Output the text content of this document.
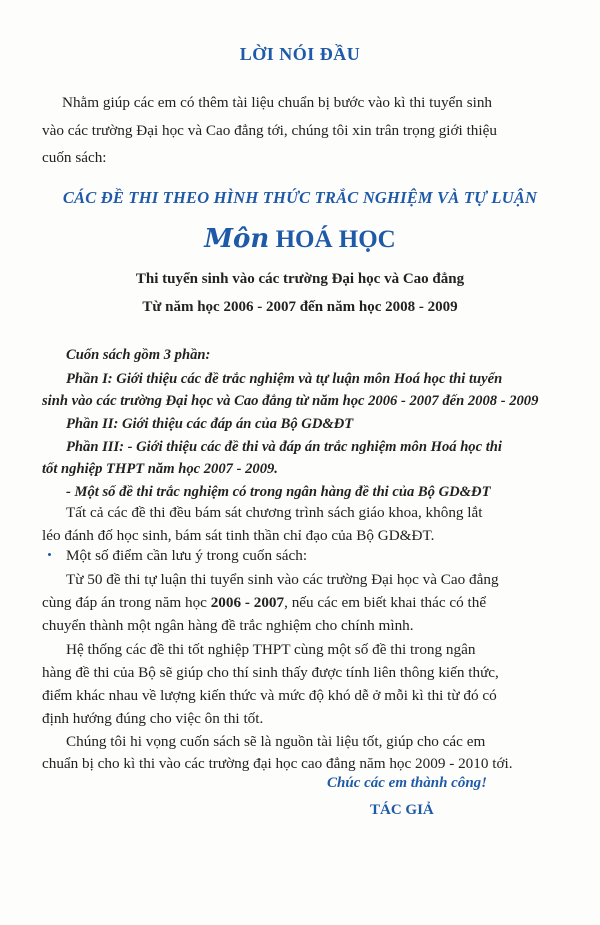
LỜI NÓI ĐẦU
Nhằm giúp các em có thêm tài liệu chuẩn bị bước vào kì thi tuyển sinh
vào các trường Đại học và Cao đẳng tới, chúng tôi xin trân trọng giới thiệu
cuốn sách:
CÁC ĐỀ THI THEO HÌNH THỨC TRẮC NGHIỆM VÀ TỰ LUẬN
Môn HOÁ HỌC
Thi tuyển sinh vào các trường Đại học và Cao đẳng
Từ năm học 2006 - 2007 đến năm học 2008 - 2009
Cuốn sách gồm 3 phần:
Phần I: Giới thiệu các đề trắc nghiệm và tự luận môn Hoá học thi tuyển
sinh vào các trường Đại học và Cao đẳng từ năm học 2006 - 2007 đến 2008 - 2009
Phần II: Giới thiệu các đáp án của Bộ GD&ĐT
Phần III: - Giới thiệu các đề thi và đáp án trắc nghiệm môn Hoá học thi
tốt nghiệp THPT năm học 2007 - 2009.
- Một số đề thi trắc nghiệm có trong ngân hàng đề thi của Bộ GD&ĐT
Tất cả các đề thi đều bám sát chương trình sách giáo khoa, không lắt
léo đánh đố học sinh, bám sát tinh thần chỉ đạo của Bộ GD&ĐT.
Một số điểm cần lưu ý trong cuốn sách:
Từ 50 đề thi tự luận thi tuyển sinh vào các trường Đại học và Cao đẳng
cùng đáp án trong năm học 2006 - 2007, nếu các em biết khai thác có thể
chuyển thành một ngân hàng đề trắc nghiệm cho chính mình.
Hệ thống các đề thi tốt nghiệp THPT cùng một số đề thi trong ngân
hàng đề thi của Bộ sẽ giúp cho thí sinh thấy được tính liên thông kiến thức,
điểm khác nhau về lượng kiến thức và mức độ khó dễ ở mỗi kì thi từ đó có
định hướng đúng cho việc ôn thi tốt.
Chúng tôi hi vọng cuốn sách sẽ là nguồn tài liệu tốt, giúp cho các em
chuẩn bị cho kì thi vào các trường đại học cao đẳng năm học 2009 - 2010 tới.
Chúc các em thành công!
TÁC GIẢ
